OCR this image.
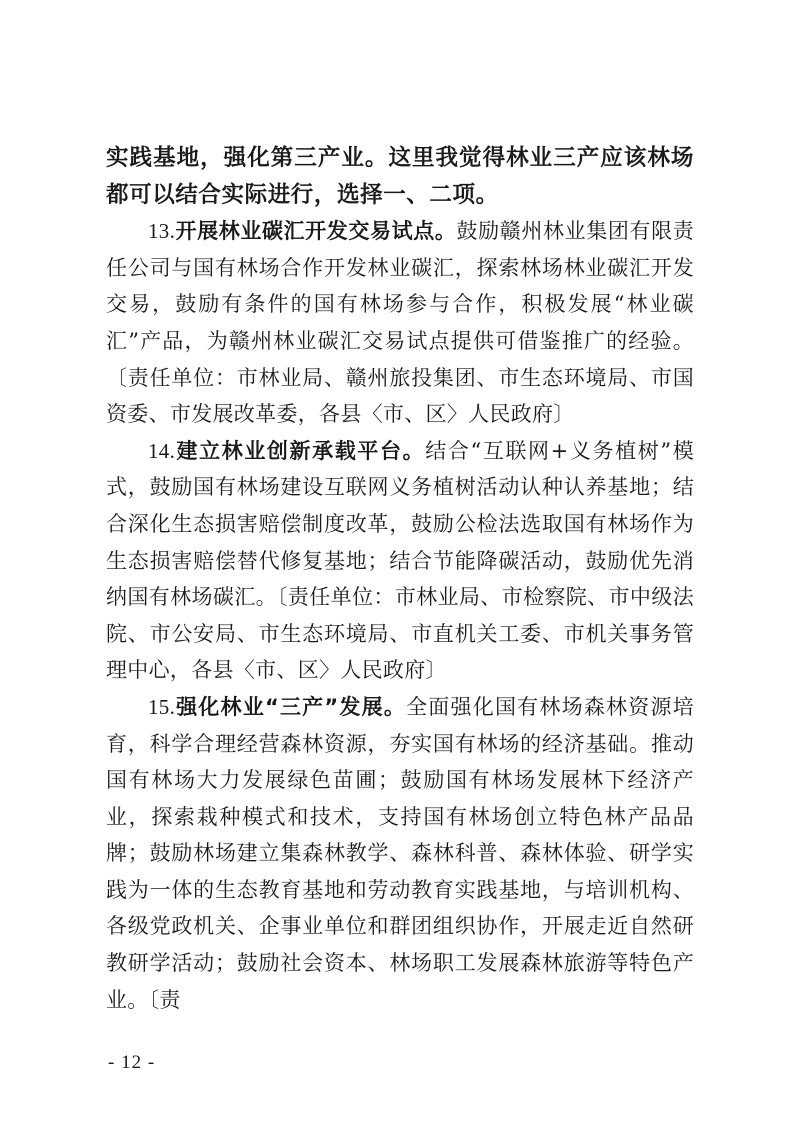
实践基地，强化第三产业。这里我觉得林业三产应该林场都可以结合实际进行，选择一、二项。

13.开展林业碳汇开发交易试点。鼓励赣州林业集团有限责任公司与国有林场合作开发林业碳汇，探索林场林业碳汇开发交易，鼓励有条件的国有林场参与合作，积极发展“林业碳汇”产品，为赣州林业碳汇交易试点提供可借鉴推广的经验。〔责任单位：市林业局、赣州旅投集团、市生态环境局、市国资委、市发展改革委，各县〈市、区〉人民政府〕

14.建立林业创新承载平台。结合“互联网+义务植树”模式，鼓励国有林场建设互联网义务植树活动认种认养基地；结合深化生态损害赔偿制度改革，鼓励公检法选取国有林场作为生态损害赔偿替代修复基地；结合节能降碳活动，鼓励优先消纳国有林场碳汇。〔责任单位：市林业局、市检察院、市中级法院、市公安局、市生态环境局、市直机关工委、市机关事务管理中心，各县〈市、区〉人民政府〕

15.强化林业“三产”发展。全面强化国有林场森林资源培育，科学合理经营森林资源，夯实国有林场的经济基础。推动国有林场大力发展绿色苗圃；鼓励国有林场发展林下经济产业，探索栽种模式和技术，支持国有林场创立特色林产品品牌；鼓励林场建立集森林教学、森林科普、森林体验、研学实践为一体的生态教育基地和劳动教育实践基地，与培训机构、各级党政机关、企事业单位和群团组织协作，开展走近自然研教研学活动；鼓励社会资本、林场职工发展森林旅游等特色产业。〔责

- 12 -
